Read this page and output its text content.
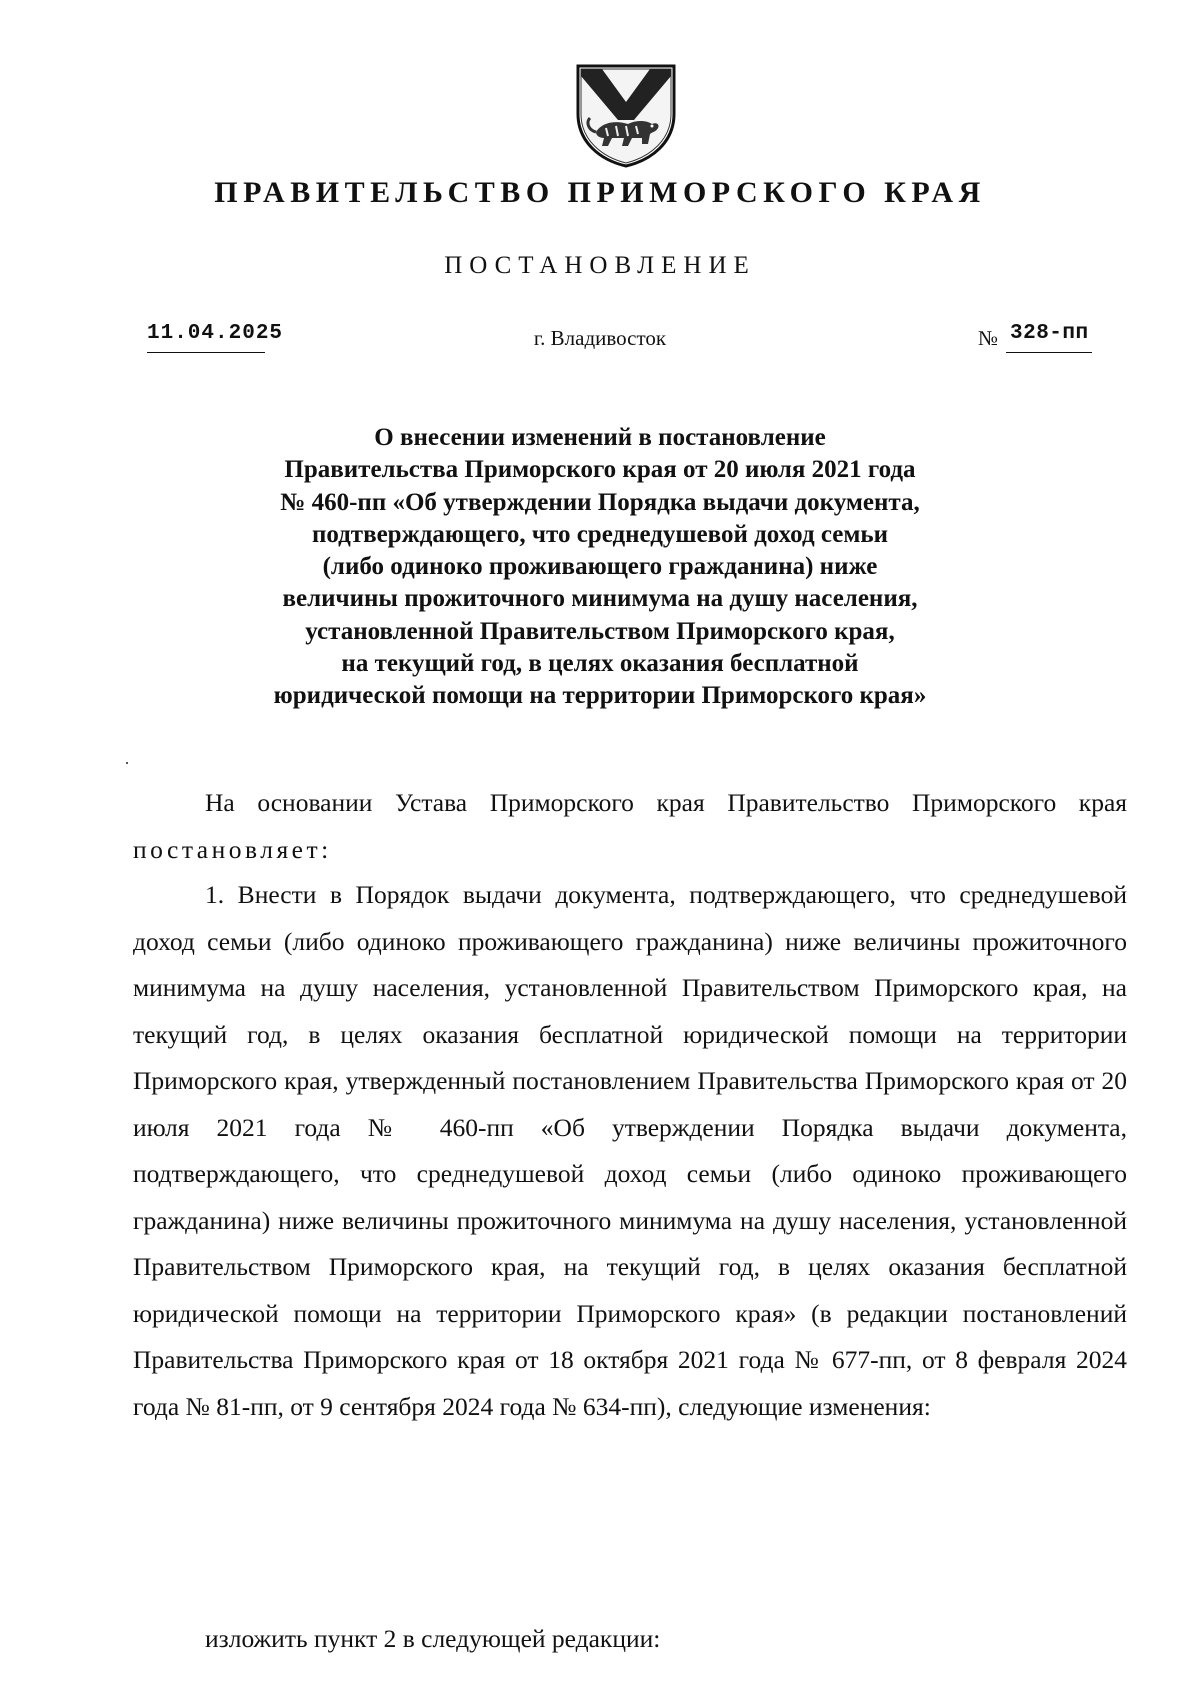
ПРАВИТЕЛЬСТВО ПРИМОРСКОГО КРАЯ
ПОСТАНОВЛЕНИЕ
11.04.2025	г. Владивосток	№ 328-пп
О внесении изменений в постановление
Правительства Приморского края от 20 июля 2021 года
№ 460-пп «Об утверждении Порядка выдачи документа,
подтверждающего, что среднедушевой доход семьи
(либо одиноко проживающего гражданина) ниже
величины прожиточного минимума на душу населения,
установленной Правительством Приморского края,
на текущий год, в целях оказания бесплатной
юридической помощи на территории Приморского края»
На основании Устава Приморского края Правительство Приморского края постановляет:
1. Внести в Порядок выдачи документа, подтверждающего, что среднедушевой доход семьи (либо одиноко проживающего гражданина) ниже величины прожиточного минимума на душу населения, установленной Правительством Приморского края, на текущий год, в целях оказания бесплатной юридической помощи на территории Приморского края, утвержденный постановлением Правительства Приморского края от 20 июля 2021 года № 460-пп «Об утверждении Порядка выдачи документа, подтверждающего, что среднедушевой доход семьи (либо одиноко проживающего гражданина) ниже величины прожиточного минимума на душу населения, установленной Правительством Приморского края, на текущий год, в целях оказания бесплатной юридической помощи на территории Приморского края» (в редакции постановлений Правительства Приморского края от 18 октября 2021 года № 677-пп, от 8 февраля 2024 года № 81-пп, от 9 сентября 2024 года № 634-пп), следующие изменения:
изложить пункт 2 в следующей редакции:
